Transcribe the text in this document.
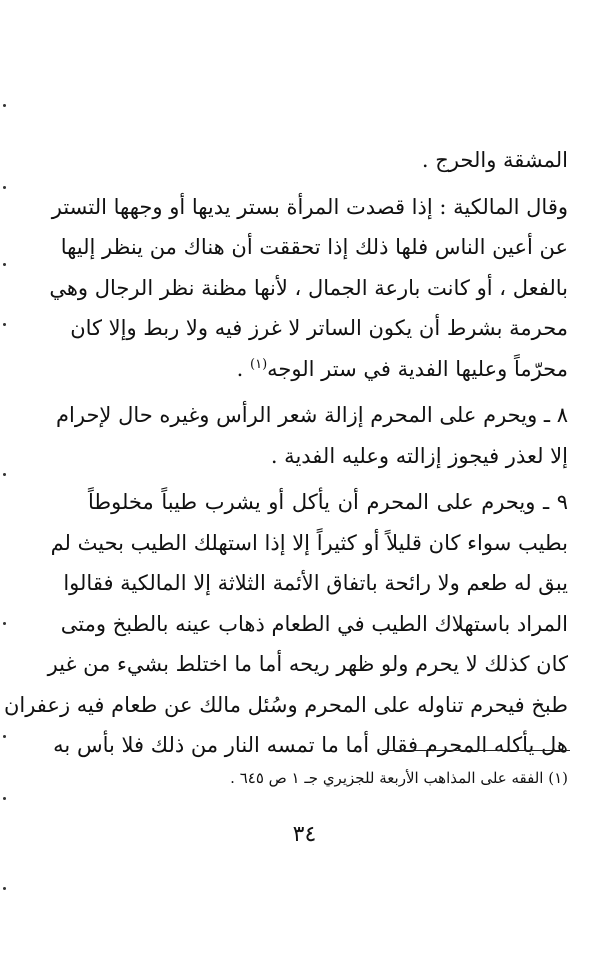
المشقة والحرج .

وقال المالكية : إذا قصدت المرأة بستر يديها أو وجهها التستر
عن أعين الناس فلها ذلك إذا تحققت أن هناك من ينظر إليها
بالفعل ، أو كانت بارعة الجمال ، لأنها مظنة نظر الرجال وهي
محرمة بشرط أن يكون الساتر لا غرز فيه ولا ربط وإلا كان
محرّماً وعليها الفدية في ستر الوجه$^{(١)}$ .

٨ ـ ويحرم على المحرم إزالة شعر الرأس وغيره حال لإحرام
إلا لعذر فيجوز إزالته وعليه الفدية .

٩ ـ ويحرم على المحرم أن يأكل أو يشرب طيباً مخلوطاً
بطيب سواء كان قليلاً أو كثيراً إلا إذا استهلك الطيب بحيث لم
يبق له طعم ولا رائحة باتفاق الأئمة الثلاثة إلا المالكية فقالوا
المراد باستهلاك الطيب في الطعام ذهاب عينه بالطبخ ومتى
كان كذلك لا يحرم ولو ظهر ريحه أما ما اختلط بشيء من غير
طبخ فيحرم تناوله على المحرم وسُئل مالك عن طعام فيه زعفران
هل يأكله المحرم فقال أما ما تمسه النار من ذلك فلا بأس به

(١) الفقه على المذاهب الأربعة للجزيري جـ ١ ص ٦٤٥ .
٣٤
